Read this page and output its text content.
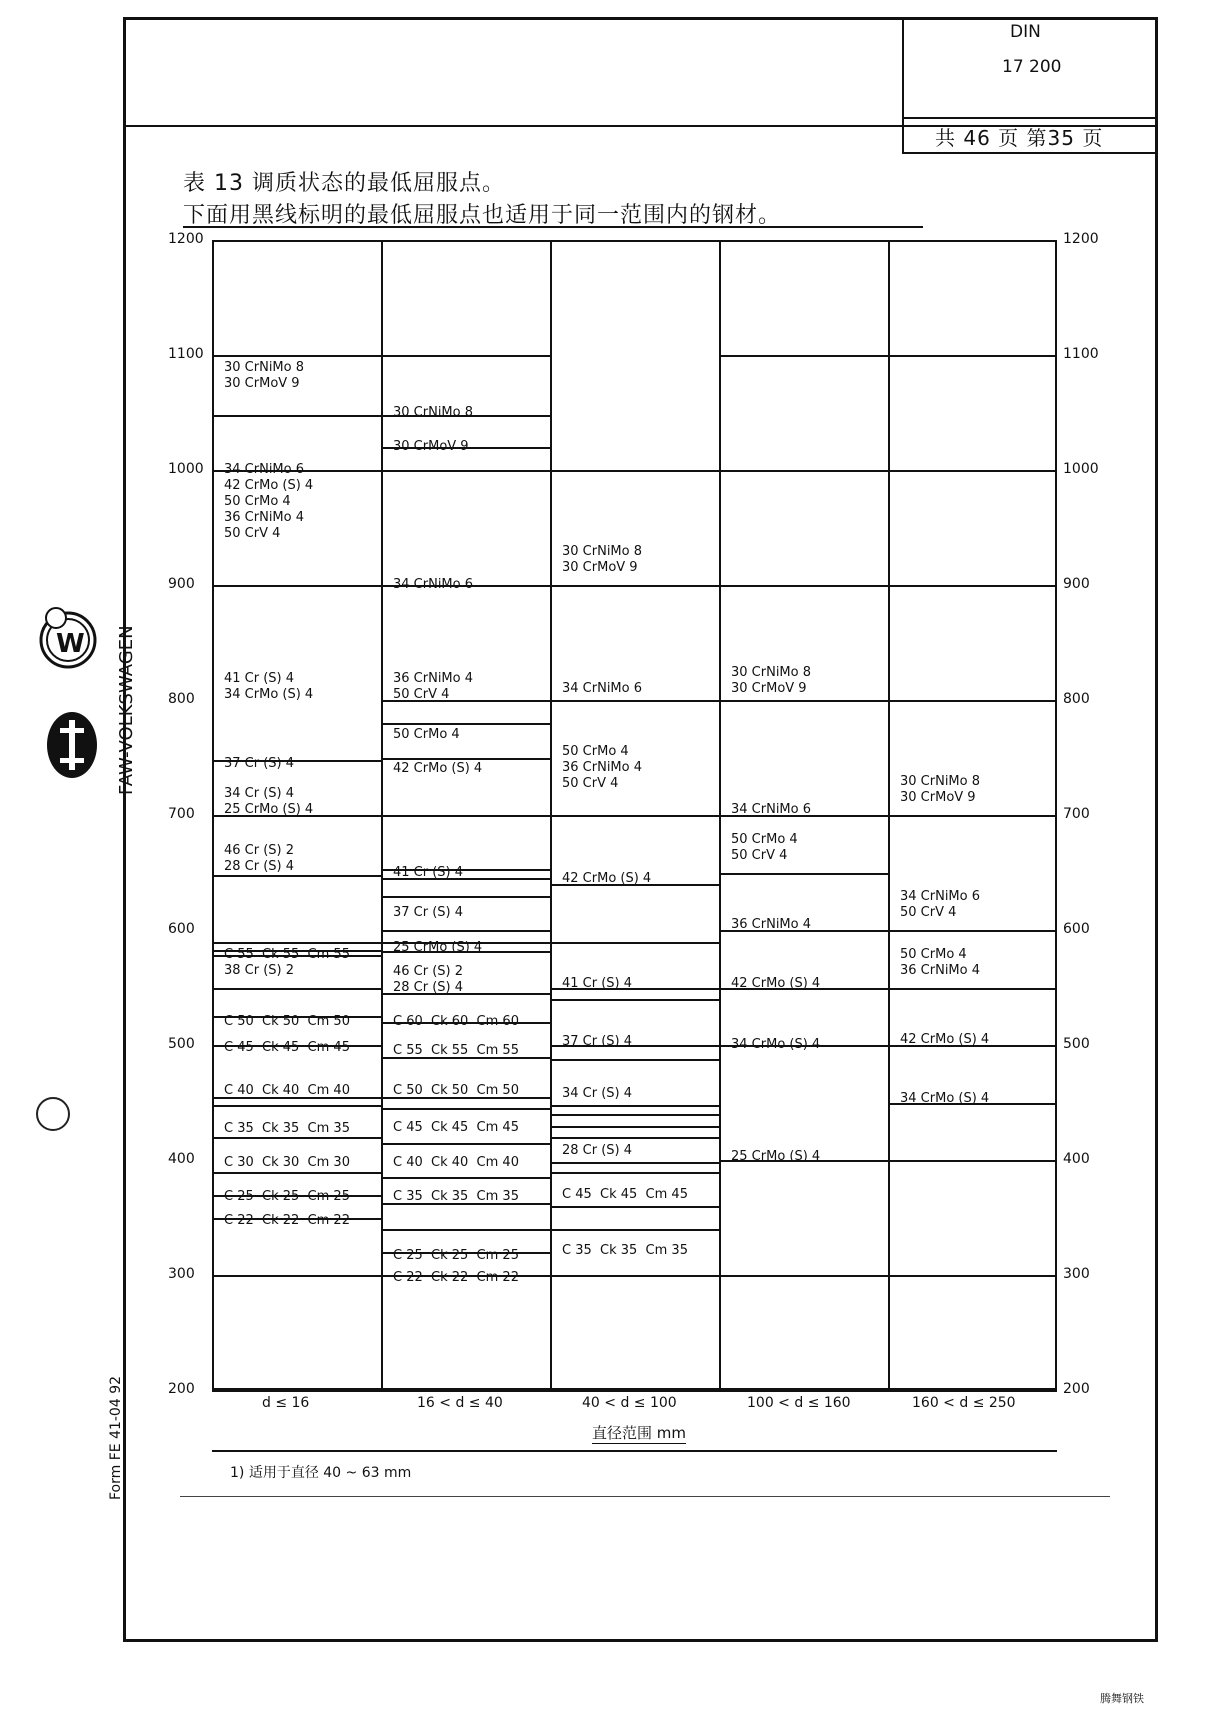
DIN
17 200
共 46 页 第35 页
表 13 调质状态的最低屈服点。
下面用黑线标明的最低屈服点也适用于同一范围内的钢材。
W FAW-VOLKSWAGEN
Form FE 41-04 92
30 CrNiMo 8
30 CrMoV 9
34 CrNiMo 6
42 CrMo (S) 4
50 CrMo 4
36 CrNiMo 4
50 CrV 4
41 Cr (S) 4
34 CrMo (S) 4
37 Cr (S) 4
34 Cr (S) 4
25 CrMo (S) 4
46 Cr (S) 2
28 Cr (S) 4
C 55  Ck 55  Cm 55
38 Cr (S) 2
C 50  Ck 50  Cm 50
C 45  Ck 45  Cm 45
C 40  Ck 40  Cm 40
C 35  Ck 35  Cm 35
C 30  Ck 30  Cm 30
C 25  Ck 25  Cm 25
C 22  Ck 22  Cm 22
30 CrNiMo 8
30 CrMoV 9
34 CrNiMo 6
36 CrNiMo 4
50 CrV 4
50 CrMo 4
42 CrMo (S) 4
41 Cr (S) 4
37 Cr (S) 4
25 CrMo (S) 4
46 Cr (S) 2
28 Cr (S) 4
C 60  Ck 60  Cm 60
C 55  Ck 55  Cm 55
C 50  Ck 50  Cm 50
C 45  Ck 45  Cm 45
C 40  Ck 40  Cm 40
C 35  Ck 35  Cm 35
C 25  Ck 25  Cm 25
C 22  Ck 22  Cm 22
30 CrNiMo 8
30 CrMoV 9
34 CrNiMo 6
50 CrMo 4
36 CrNiMo 4
50 CrV 4
42 CrMo (S) 4
41 Cr (S) 4
37 Cr (S) 4
34 Cr (S) 4
28 Cr (S) 4
C 45  Ck 45  Cm 45
C 35  Ck 35  Cm 35
30 CrNiMo 8
30 CrMoV 9
34 CrNiMo 6
50 CrMo 4
50 CrV 4
36 CrNiMo 4
42 CrMo (S) 4
34 CrMo (S) 4
25 CrMo (S) 4
30 CrNiMo 8
30 CrMoV 9
34 CrNiMo 6
50 CrV 4
50 CrMo 4
36 CrNiMo 4
42 CrMo (S) 4
34 CrMo (S) 4
d ≤ 16	16 < d ≤ 40	40 < d ≤ 100	100 < d ≤ 160	160 < d ≤ 250
直径范围 mm
1) 适用于直径 40 ~ 63 mm
腾舞钢铁
1200	1200
1100	1100
1000	1000
900	900
800	800
700	700
600	600
500	500
400	400
300	300
200	200
